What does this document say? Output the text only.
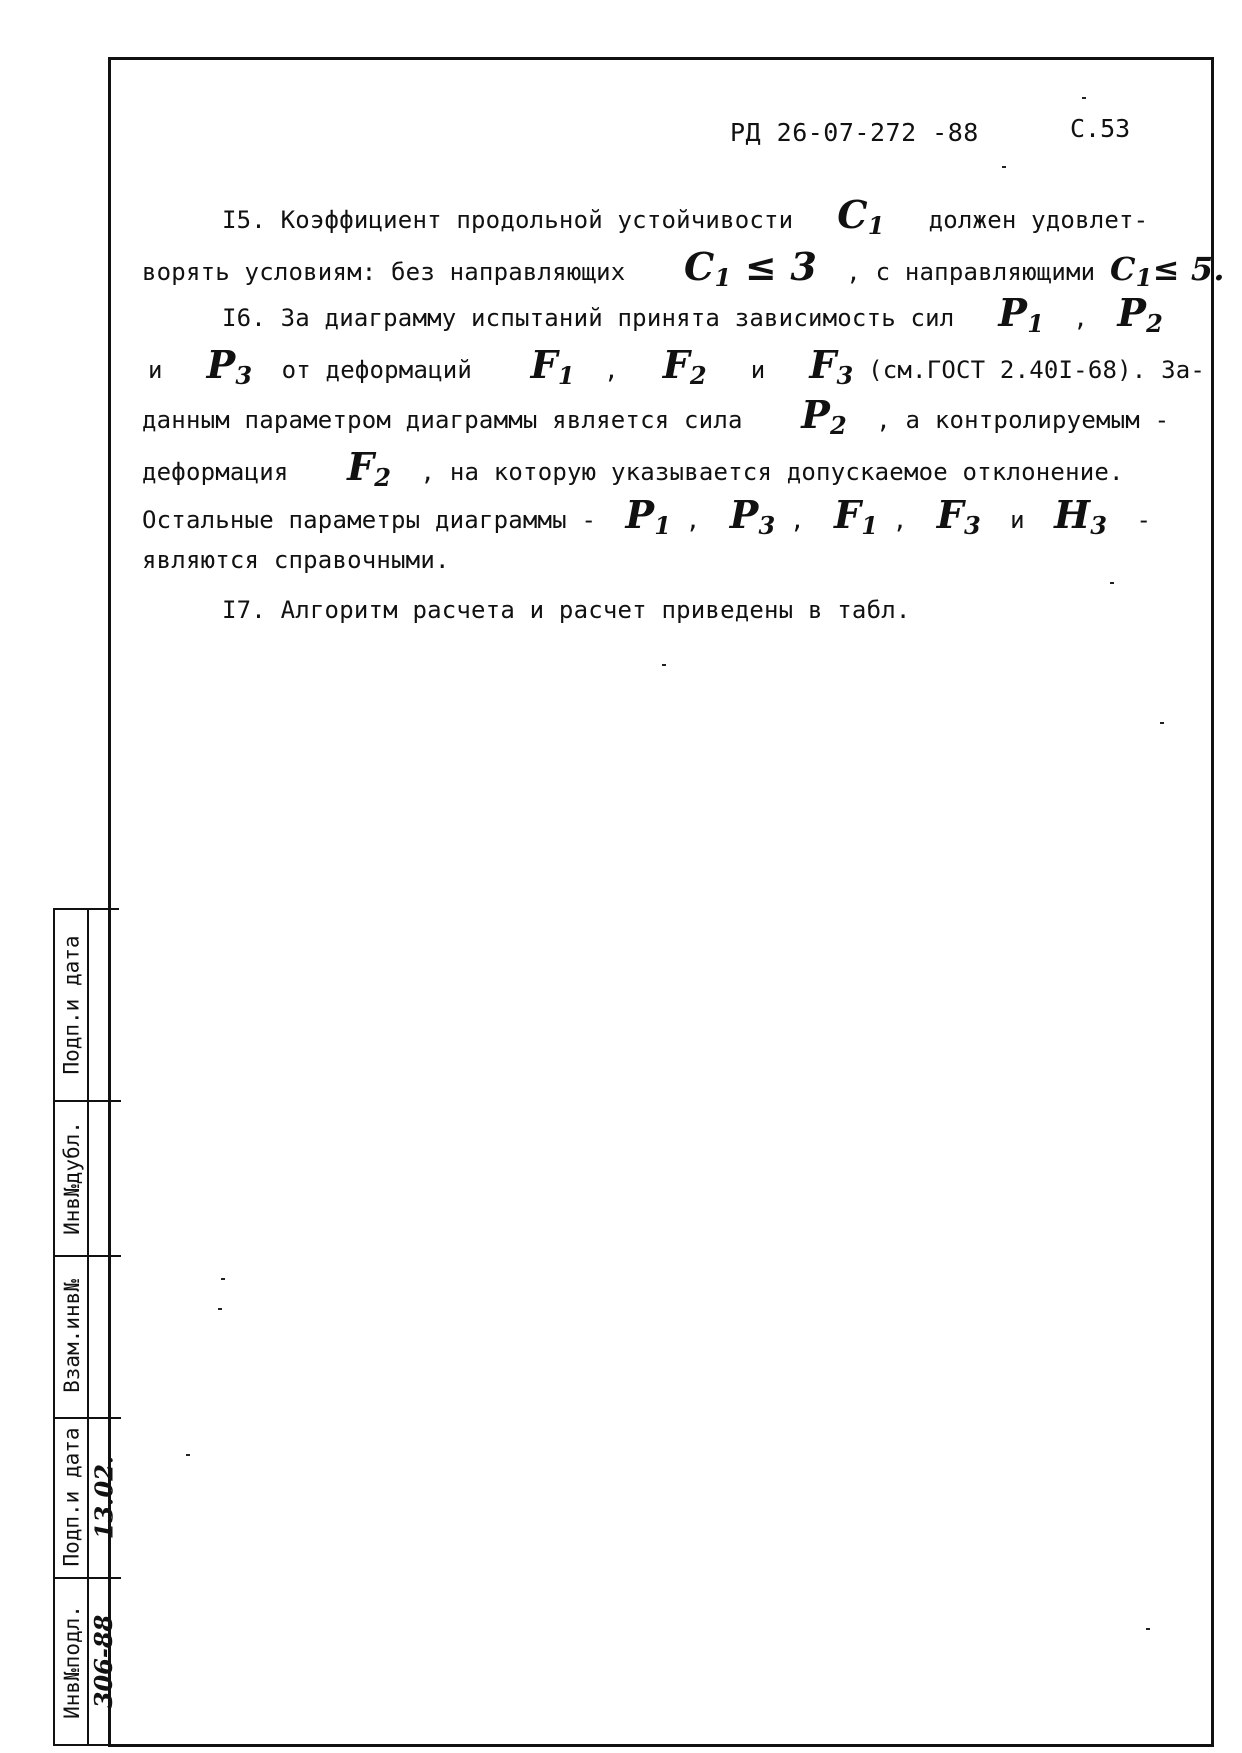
РД 26-07-272 -88	С.53
I5. Коэффициент продольной устойчивости $C_1$ должен удовлет-
ворять условиям: без направляющих $C_1 \le 3$ , с направляющими $C_1\le 5$.
I6. За диаграмму испытаний принята зависимость сил $P_1$ , $P_2$
и $P_3$ от деформаций $F_1$ , $F_2$ и $F_3$ (см.ГОСТ 2.40I-68). За-
данным параметром диаграммы является сила $P_2$ , а контролируемым -
деформация $F_2$ , на которую указывается допускаемое отклонение.
Остальные параметры диаграммы - $P_1$ ,  $P_3$ ,  $F_1$ ,  $F_3$ и $H_3$ -
являются справочными.
I7. Алгоритм расчета и расчет приведены в табл.
Подп.и дата
Инв№дубл.
Взам.инв№
Подп.и дата
Инв№подл.
13.02.
306-88
